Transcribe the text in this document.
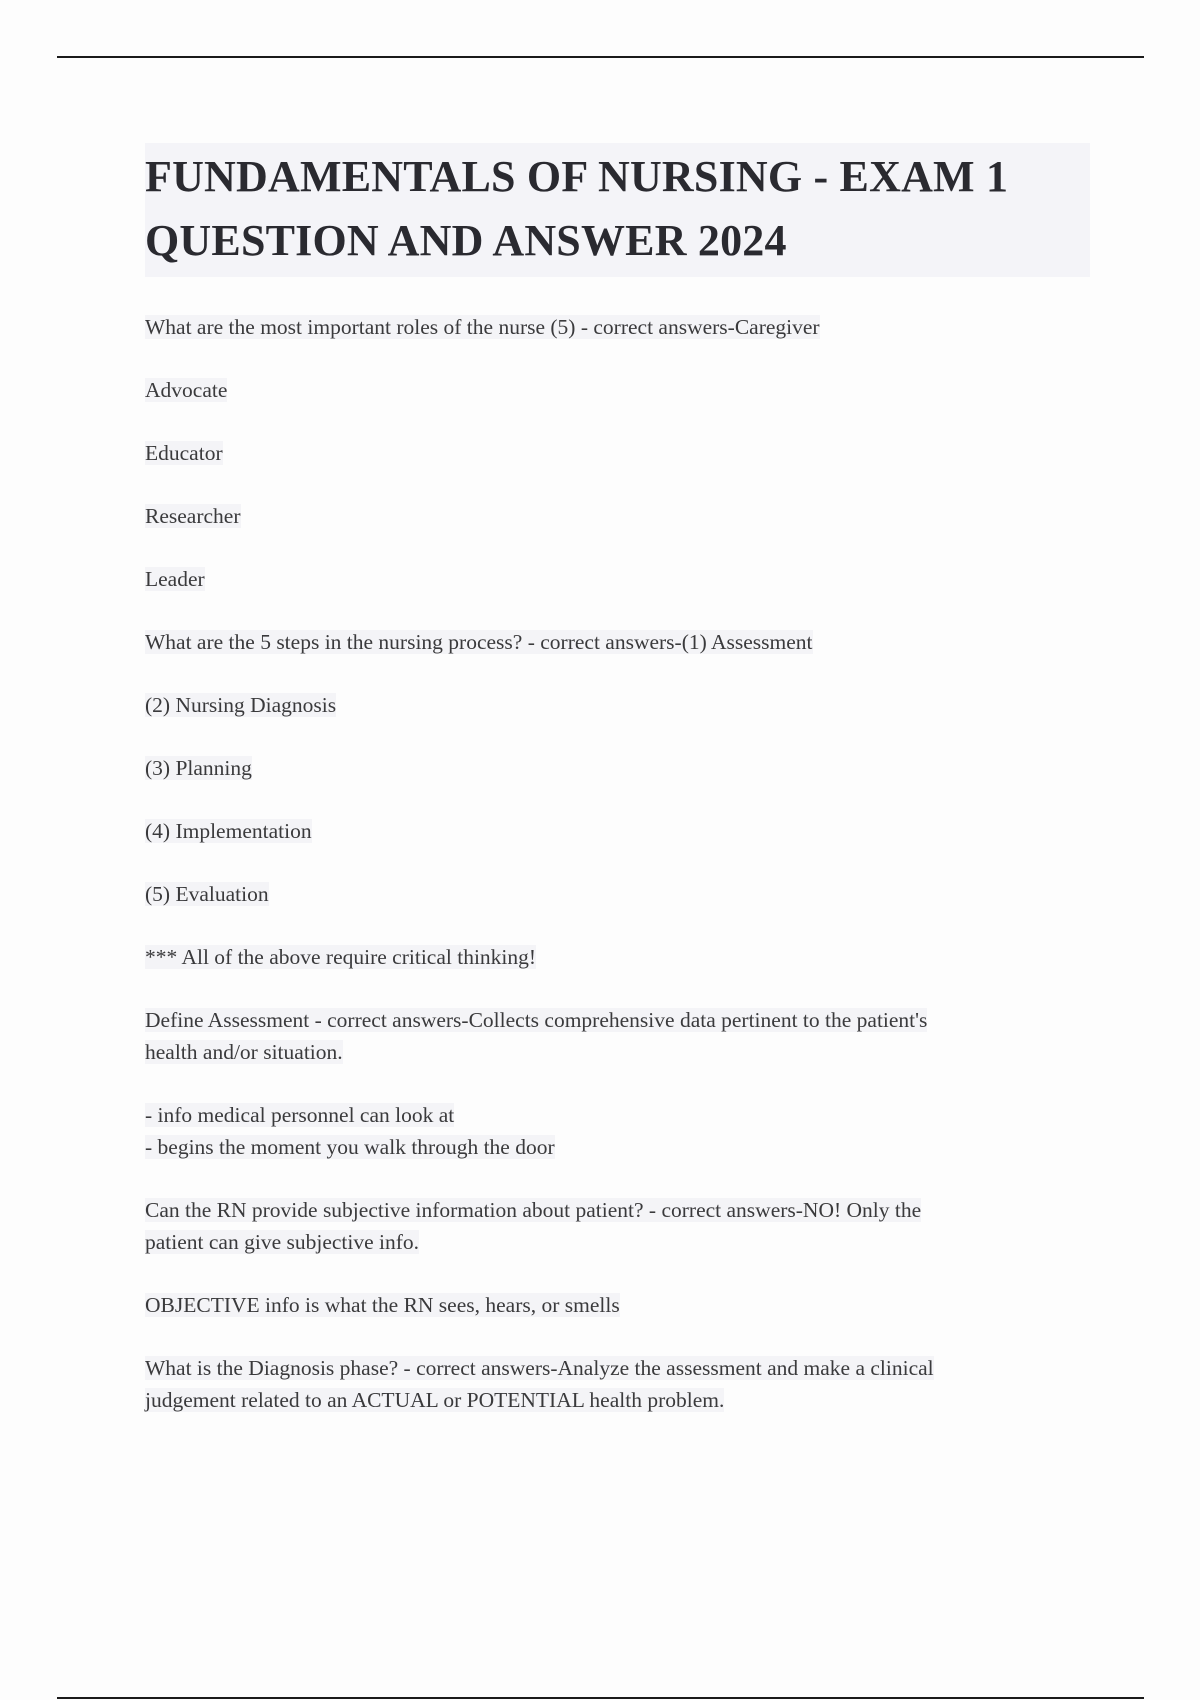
FUNDAMENTALS OF NURSING - EXAM 1
QUESTION AND ANSWER 2024
What are the most important roles of the nurse (5) - correct answers-Caregiver
Advocate
Educator
Researcher
Leader
What are the 5 steps in the nursing process? - correct answers-(1) Assessment
(2) Nursing Diagnosis
(3) Planning
(4) Implementation
(5) Evaluation
*** All of the above require critical thinking!
Define Assessment - correct answers-Collects comprehensive data pertinent to the patient's
health and/or situation.
- info medical personnel can look at
- begins the moment you walk through the door
Can the RN provide subjective information about patient? - correct answers-NO! Only the
patient can give subjective info.
OBJECTIVE info is what the RN sees, hears, or smells
What is the Diagnosis phase? - correct answers-Analyze the assessment and make a clinical
judgement related to an ACTUAL or POTENTIAL health problem.
